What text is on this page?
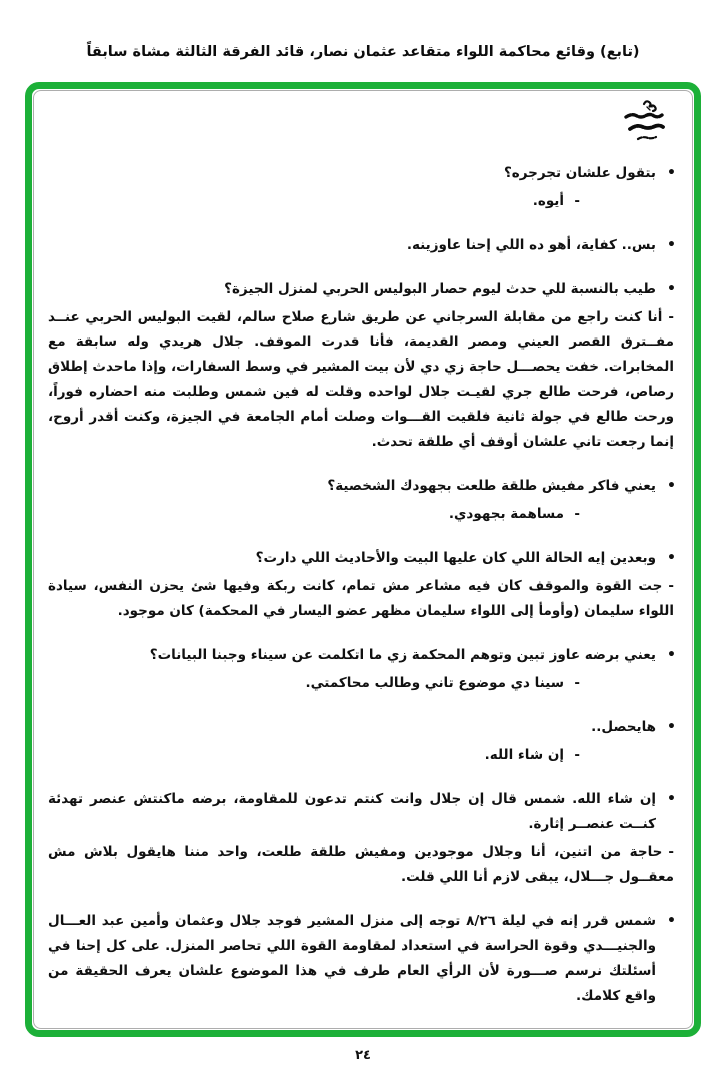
(تابع) وقائع محاكمة اللواء متقاعد عثمان نصار، قائد الفرقة الثالثة مشاة سابقاً
•
بتقول علشان تجرجره؟
-
أيوه.
•
بس.. كفاية، أهو ده اللي إحنا عاوزينه.
•
طيب بالنسبة للي حدث ليوم حصار البوليس الحربي لمنزل الجيزة؟
-أنا كنت راجع من مقابلة السرجاني عن طريق شارع صلاح سالم، لقيت البوليس الحربي عنــد مفــترق القصر العيني ومصر القديمة، فأنا قدرت الموقف. جلال هريدي وله سابقة مع المخابرات. خفت يحصـــل حاجة زي دي لأن بيت المشير في وسط السفارات، وإذا ماحدث إطلاق رصاص، فرحت طالع جري لقيـت جلال لواحده وقلت له فين شمس وطلبت منه احضاره فوراً، ورحت طالع في جولة ثانية فلقيت القـــوات وصلت أمام الجامعة في الجيزة، وكنت أقدر أروح، إنما رجعت تاني علشان أوقف أي طلقة تحدث.
•
يعني فاكر مفيش طلقة طلعت بجهودك الشخصية؟
-
مساهمة بجهودي.
•
وبعدين إيه الحالة اللي كان عليها البيت والأحاديث اللي دارت؟
-جت القوة والموقف كان فيه مشاعر مش تمام، كانت ربكة وفيها شئ يحزن النفس، سيادة اللواء سليمان (وأومأ إلى اللواء سليمان مظهر عضو اليسار في المحكمة) كان موجود.
•
يعني برضه عاوز تبين وتوهم المحكمة زي ما اتكلمت عن سيناء وجبنا البيانات؟
-
سينا دي موضوع تاني وطالب محاكمتي.
•
هايحصل..
-
إن شاء الله.
•
إن شاء الله. شمس قال إن جلال وانت كنتم تدعون للمقاومة، برضه ماكنتش عنصر تهدئة كنــت عنصــر إثارة.
-حاجة من اتنين، أنا وجلال موجودين ومفيش طلقة طلعت، واحد مننا هايقول بلاش مش معقــول جـــلال، يبقى لازم أنا اللي قلت.
•
شمس قرر إنه في ليلة ٨/٢٦ توجه إلى منزل المشير فوجد جلال وعثمان وأمين عبد العـــال والجنيـــدي وقوة الحراسة في استعداد لمقاومة القوة اللي تحاصر المنزل. على كل إحنا في أسئلتك نرسم صـــورة لأن الرأي العام طرف في هذا الموضوع علشان يعرف الحقيقة من واقع كلامك.
٢٤
